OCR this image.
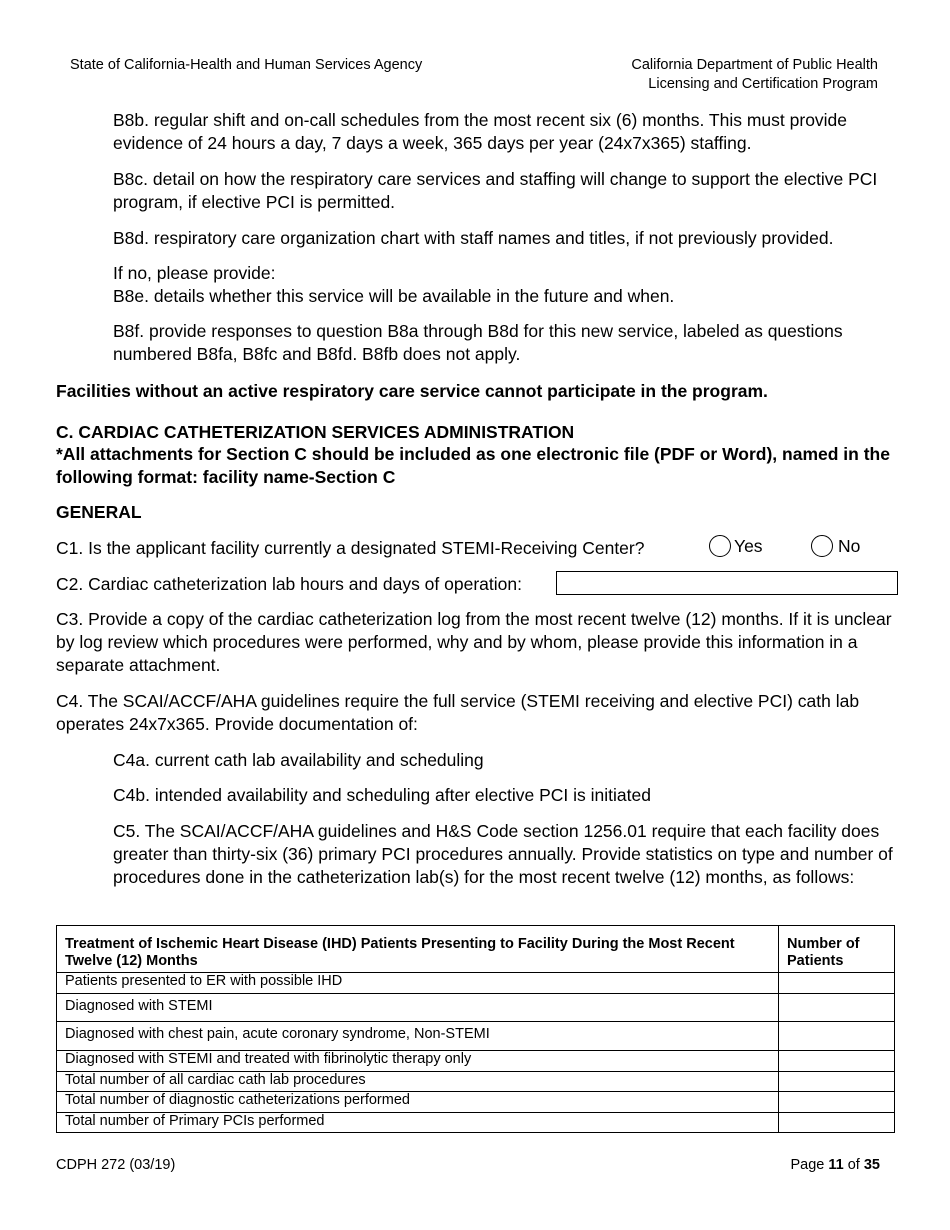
State of California-Health and Human Services Agency	California Department of Public Health
Licensing and Certification Program
B8b. regular shift and on-call schedules from the most recent six (6) months. This must provide evidence of 24 hours a day, 7 days a week, 365 days per year (24x7x365) staffing.
B8c. detail on how the respiratory care services and staffing will change to support the elective PCI program, if elective PCI is permitted.
B8d. respiratory care organization chart with staff names and titles, if not previously provided.
If no, please provide:
B8e. details whether this service will be available in the future and when.
B8f. provide responses to question B8a through B8d for this new service, labeled as questions numbered B8fa, B8fc and B8fd. B8fb does not apply.
Facilities without an active respiratory care service cannot participate in the program.
C. CARDIAC CATHETERIZATION SERVICES ADMINISTRATION
*All attachments for Section C should be included as one electronic file (PDF or Word), named in the following format: facility name-Section C
GENERAL
C1. Is the applicant facility currently a designated STEMI-Receiving Center?	Yes	No
C2. Cardiac catheterization lab hours and days of operation:
C3. Provide a copy of the cardiac catheterization log from the most recent twelve (12) months. If it is unclear by log review which procedures were performed, why and by whom, please provide this information in a separate attachment.
C4. The SCAI/ACCF/AHA guidelines require the full service (STEMI receiving and elective PCI) cath lab operates 24x7x365. Provide documentation of:
C4a. current cath lab availability and scheduling
C4b. intended availability and scheduling after elective PCI is initiated
C5. The SCAI/ACCF/AHA guidelines and H&S Code section 1256.01 require that each facility does greater than thirty-six (36) primary PCI procedures annually. Provide statistics on type and number of procedures done in the catheterization lab(s) for the most recent twelve (12) months, as follows:
Treatment of Ischemic Heart Disease (IHD) Patients Presenting to Facility During the Most Recent Twelve (12) Months	Number of Patients
Patients presented to ER with possible IHD	
Diagnosed with STEMI	
Diagnosed with chest pain, acute coronary syndrome, Non-STEMI	
Diagnosed with STEMI and treated with fibrinolytic therapy only	
Total number of all cardiac cath lab procedures	
Total number of diagnostic catheterizations performed	
Total number of Primary PCIs performed	
CDPH 272 (03/19)	Page 11 of 35
